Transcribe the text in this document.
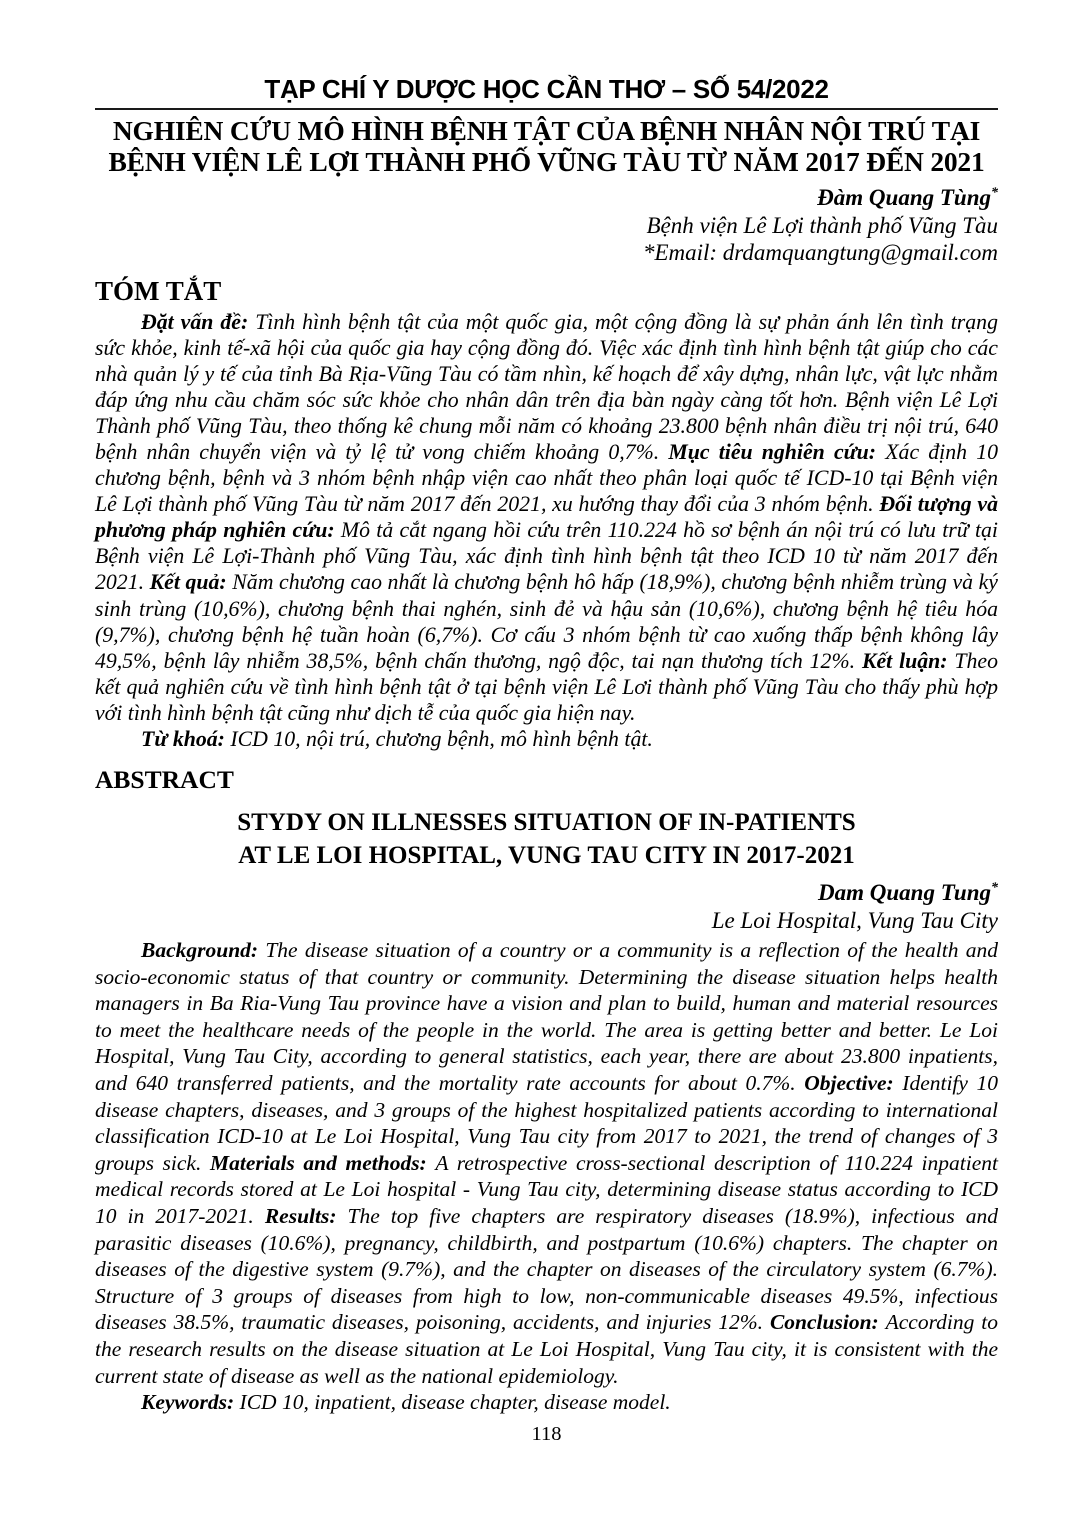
TẠP CHÍ Y DƯỢC HỌC CẦN THƠ – SỐ 54/2022
NGHIÊN CỨU MÔ HÌNH BỆNH TẬT CỦA BỆNH NHÂN NỘI TRÚ TẠI
BỆNH VIỆN LÊ LỢI THÀNH PHỐ VŨNG TÀU TỪ NĂM 2017 ĐẾN 2021
Đàm Quang Tùng*
Bệnh viện Lê Lợi thành phố Vũng Tàu
*Email: drdamquangtung@gmail.com
TÓM TẮT

Đặt vấn đề: Tình hình bệnh tật của một quốc gia, một cộng đồng là sự phản ánh lên tình trạng sức khỏe, kinh tế-xã hội của quốc gia hay cộng đồng đó. Việc xác định tình hình bệnh tật giúp cho các nhà quản lý y tế của tỉnh Bà Rịa-Vũng Tàu có tầm nhìn, kế hoạch để xây dựng, nhân lực, vật lực nhằm đáp ứng nhu cầu chăm sóc sức khỏe cho nhân dân trên địa bàn ngày càng tốt hơn. Bệnh viện Lê Lợi Thành phố Vũng Tàu, theo thống kê chung mỗi năm có khoảng 23.800 bệnh nhân điều trị nội trú, 640 bệnh nhân chuyển viện và tỷ lệ tử vong chiếm khoảng 0,7%. Mục tiêu nghiên cứu: Xác định 10 chương bệnh, bệnh và 3 nhóm bệnh nhập viện cao nhất theo phân loại quốc tế ICD-10 tại Bệnh viện Lê Lợi thành phố Vũng Tàu từ năm 2017 đến 2021, xu hướng thay đổi của 3 nhóm bệnh. Đối tượng và phương pháp nghiên cứu: Mô tả cắt ngang hồi cứu trên 110.224 hồ sơ bệnh án nội trú có lưu trữ tại Bệnh viện Lê Lợi-Thành phố Vũng Tàu, xác định tình hình bệnh tật theo ICD 10 từ năm 2017 đến 2021. Kết quả: Năm chương cao nhất là chương bệnh hô hấp (18,9%), chương bệnh nhiễm trùng và ký sinh trùng (10,6%), chương bệnh thai nghén, sinh đẻ và hậu sản (10,6%), chương bệnh hệ tiêu hóa (9,7%), chương bệnh hệ tuần hoàn (6,7%). Cơ cấu 3 nhóm bệnh từ cao xuống thấp bệnh không lây 49,5%, bệnh lây nhiễm 38,5%, bệnh chấn thương, ngộ độc, tai nạn thương tích 12%. Kết luận: Theo kết quả nghiên cứu về tình hình bệnh tật ở tại bệnh viện Lê Lơi thành phố Vũng Tàu cho thấy phù hợp với tình hình bệnh tật cũng như dịch tễ của quốc gia hiện nay.

Từ khoá: ICD 10, nội trú, chương bệnh, mô hình bệnh tật.

ABSTRACT
STYDY ON ILLNESSES SITUATION OF IN-PATIENTS
AT LE LOI HOSPITAL, VUNG TAU CITY IN 2017-2021
Dam Quang Tung*
Le Loi Hospital, Vung Tau City

Background: The disease situation of a country or a community is a reflection of the health and socio-economic status of that country or community. Determining the disease situation helps health managers in Ba Ria-Vung Tau province have a vision and plan to build, human and material resources to meet the healthcare needs of the people in the world. The area is getting better and better. Le Loi Hospital, Vung Tau City, according to general statistics, each year, there are about 23.800 inpatients, and 640 transferred patients, and the mortality rate accounts for about 0.7%. Objective: Identify 10 disease chapters, diseases, and 3 groups of the highest hospitalized patients according to international classification ICD-10 at Le Loi Hospital, Vung Tau city from 2017 to 2021, the trend of changes of 3 groups sick. Materials and methods: A retrospective cross-sectional description of 110.224 inpatient medical records stored at Le Loi hospital - Vung Tau city, determining disease status according to ICD 10 in 2017-2021. Results: The top five chapters are respiratory diseases (18.9%), infectious and parasitic diseases (10.6%), pregnancy, childbirth, and postpartum (10.6%) chapters. The chapter on diseases of the digestive system (9.7%), and the chapter on diseases of the circulatory system (6.7%). Structure of 3 groups of diseases from high to low, non-communicable diseases 49.5%, infectious diseases 38.5%, traumatic diseases, poisoning, accidents, and injuries 12%. Conclusion: According to the research results on the disease situation at Le Loi Hospital, Vung Tau city, it is consistent with the current state of disease as well as the national epidemiology.

Keywords: ICD 10, inpatient, disease chapter, disease model.

118
